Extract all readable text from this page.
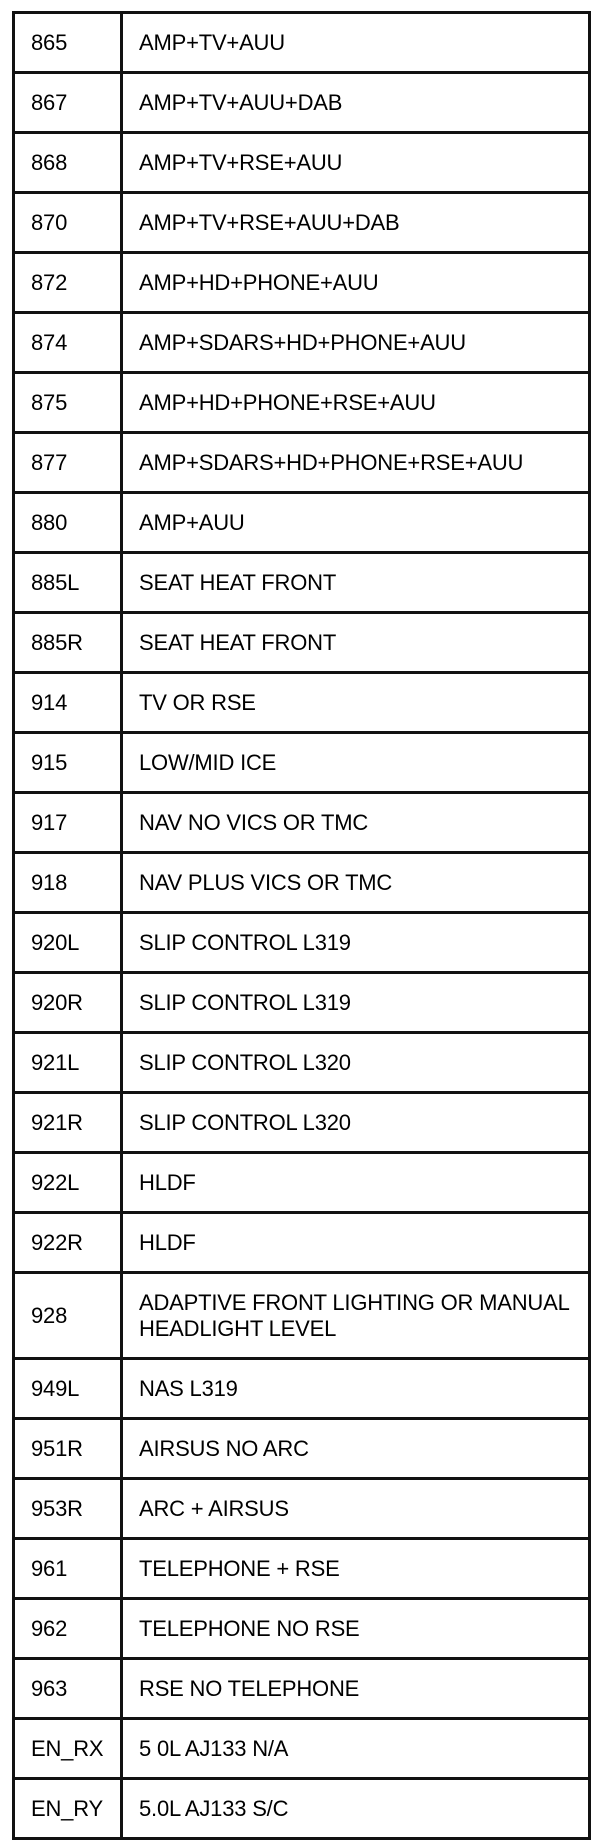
865	AMP+TV+AUU
867	AMP+TV+AUU+DAB
868	AMP+TV+RSE+AUU
870	AMP+TV+RSE+AUU+DAB
872	AMP+HD+PHONE+AUU
874	AMP+SDARS+HD+PHONE+AUU
875	AMP+HD+PHONE+RSE+AUU
877	AMP+SDARS+HD+PHONE+RSE+AUU
880	AMP+AUU
885L	SEAT HEAT FRONT
885R	SEAT HEAT FRONT
914	TV OR RSE
915	LOW/MID ICE
917	NAV NO VICS OR TMC
918	NAV PLUS VICS OR TMC
920L	SLIP CONTROL L319
920R	SLIP CONTROL L319
921L	SLIP CONTROL L320
921R	SLIP CONTROL L320
922L	HLDF
922R	HLDF
928	ADAPTIVE FRONT LIGHTING OR MANUAL HEADLIGHT LEVEL
949L	NAS L319
951R	AIRSUS NO ARC
953R	ARC + AIRSUS
961	TELEPHONE + RSE
962	TELEPHONE NO RSE
963	RSE NO TELEPHONE
EN_RX	5 0L AJ133 N/A
EN_RY	5.0L AJ133 S/C
